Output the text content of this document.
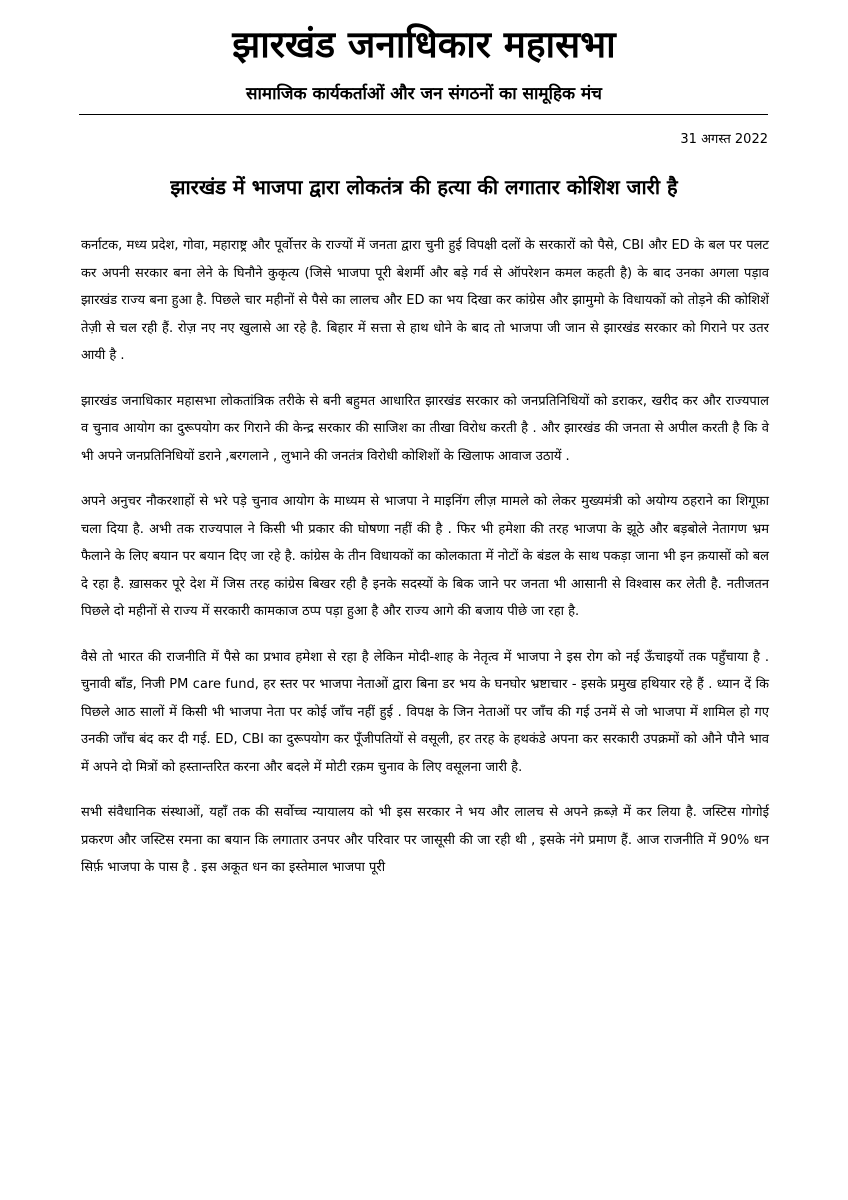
झारखंड जनाधिकार महासभा
सामाजिक कार्यकर्ताओं और जन संगठनों का सामूहिक मंच
31 अगस्त 2022
झारखंड में भाजपा द्वारा लोकतंत्र की हत्या की लगातार कोशिश जारी है

कर्नाटक, मध्य प्रदेश, गोवा, महाराष्ट्र और पूर्वोत्तर के राज्यों में जनता द्वारा चुनी हुई विपक्षी दलों के सरकारों को पैसे, CBI और ED के बल पर पलट कर अपनी सरकार बना लेने के घिनौने कुकृत्य (जिसे भाजपा पूरी बेशर्मी और बड़े गर्व से ऑपरेशन कमल कहती है) के बाद उनका अगला पड़ाव झारखंड राज्य बना हुआ है. पिछले चार महीनों से पैसे का लालच और ED का भय दिखा कर कांग्रेस और झामुमो के विधायकों को तोड़ने की कोशिशें तेज़ी से चल रही हैं. रोज़ नए नए खुलासे आ रहे है. बिहार में सत्ता से हाथ धोने के बाद तो भाजपा जी जान से झारखंड सरकार को गिराने पर उतर आयी है .

झारखंड जनाधिकार महासभा लोकतांत्रिक तरीके से बनी बहुमत आधारित झारखंड सरकार को जनप्रतिनिधियों को डराकर, खरीद कर और राज्यपाल व चुनाव आयोग का दुरूपयोग कर गिराने की केन्द्र सरकार की साजिश का तीखा विरोध करती है . और झारखंड की जनता से अपील करती है कि वे भी अपने जनप्रतिनिधियों डराने ,बरगलाने , लुभाने की जनतंत्र विरोधी कोशिशों के खिलाफ आवाज उठायें .

अपने अनुचर नौकरशाहों से भरे पड़े चुनाव आयोग के माध्यम से भाजपा ने माइनिंग लीज़ मामले को लेकर मुख्यमंत्री को अयोग्य ठहराने का शिगूफ़ा चला दिया है. अभी तक राज्यपाल ने किसी भी प्रकार की घोषणा नहीं की है . फिर भी हमेशा की तरह भाजपा के झूठे और बड़बोले नेतागण भ्रम फैलाने के लिए बयान पर बयान दिए जा रहे है. कांग्रेस के तीन विधायकों का कोलकाता में नोटों के बंडल के साथ पकड़ा जाना भी इन क़यासों को बल दे रहा है. ख़ासकर पूरे देश में जिस तरह कांग्रेस बिखर रही है इनके सदस्यों के बिक जाने पर जनता भी आसानी से विश्वास कर लेती है. नतीजतन पिछले दो महीनों से राज्य में सरकारी कामकाज ठप्प पड़ा हुआ है और राज्य आगे की बजाय पीछे जा रहा है.

वैसे तो भारत की राजनीति में पैसे का प्रभाव हमेशा से रहा है लेकिन मोदी-शाह के नेतृत्व में भाजपा ने इस रोग को नई ऊँचाइयों तक पहुँचाया है . चुनावी बॉंड, निजी PM care fund, हर स्तर पर भाजपा नेताओं द्वारा बिना डर भय के घनघोर भ्रष्टाचार - इसके प्रमुख हथियार रहे हैं . ध्यान दें कि पिछले आठ सालों में किसी भी भाजपा नेता पर कोई जाँच नहीं हुई . विपक्ष के जिन नेताओं पर जाँच की गई उनमें से जो भाजपा में शामिल हो गए उनकी जाँच बंद कर दी गई. ED, CBI का दुरूपयोग कर पूँजीपतियों से वसूली, हर तरह के हथकंडे अपना कर सरकारी उपक्रमों को औने पौने भाव में अपने दो मित्रों को हस्तान्तरित करना और बदले में मोटी रक़म चुनाव के लिए वसूलना जारी है.

सभी संवैधानिक संस्थाओं, यहाँ तक की सर्वोच्च न्यायालय को भी इस सरकार ने भय और लालच से अपने क़ब्ज़े में कर लिया है. जस्टिस गोगोई प्रकरण और जस्टिस रमना का बयान कि लगातार उनपर और परिवार पर जासूसी की जा रही थी , इसके नंगे प्रमाण हैं. आज राजनीति में 90% धन सिर्फ़ भाजपा के पास है . इस अकूत धन का इस्तेमाल भाजपा पूरी
